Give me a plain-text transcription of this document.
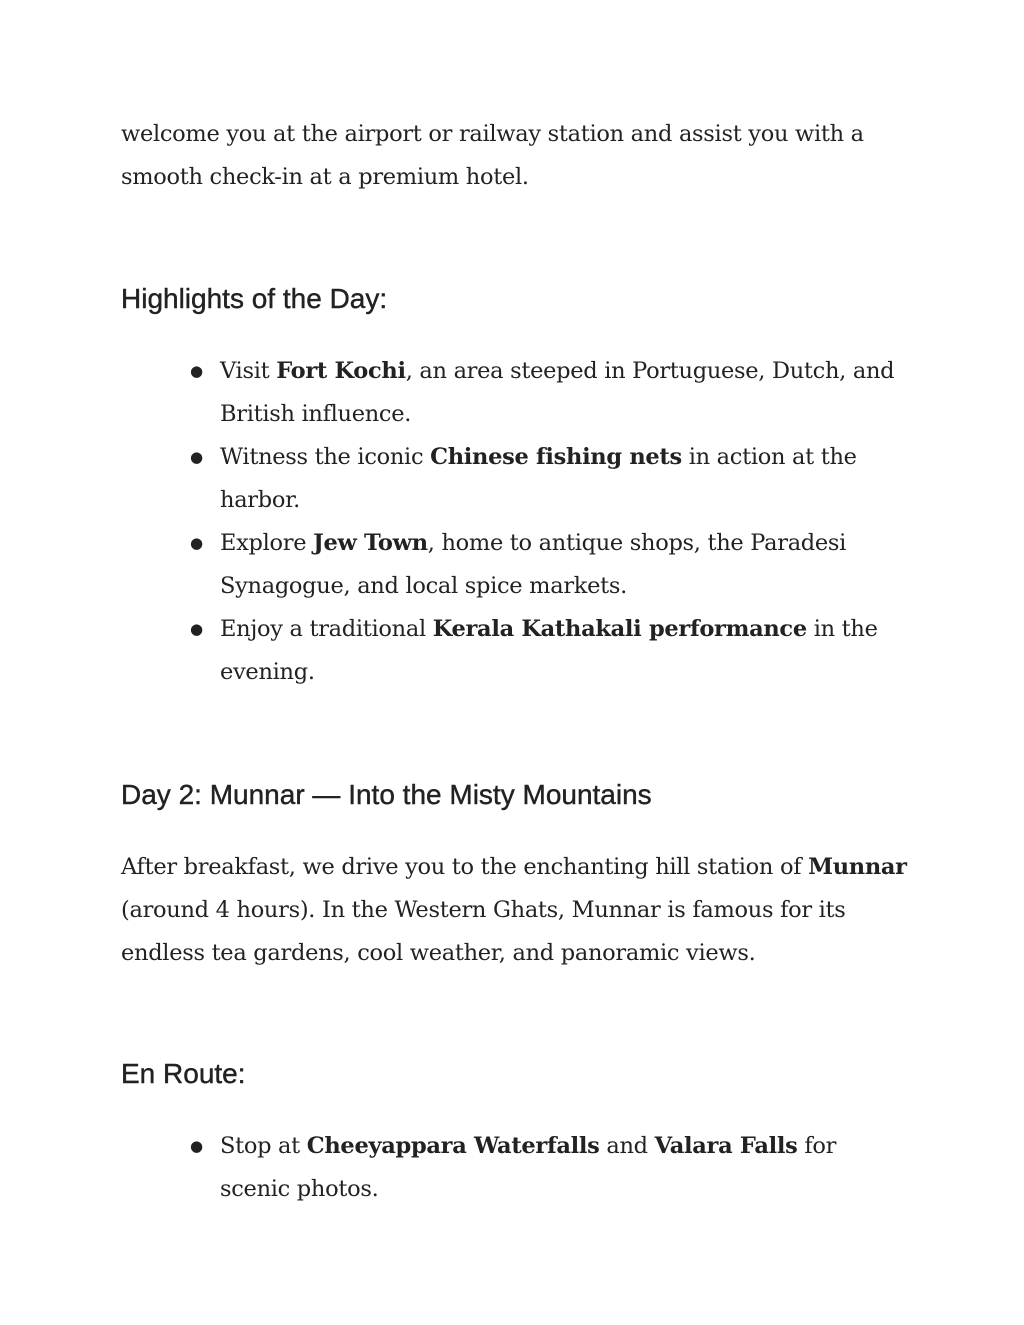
welcome you at the airport or railway station and assist you with a smooth check-in at a premium hotel.

Highlights of the Day:
● Visit Fort Kochi, an area steeped in Portuguese, Dutch, and British influence.
● Witness the iconic Chinese fishing nets in action at the harbor.
● Explore Jew Town, home to antique shops, the Paradesi Synagogue, and local spice markets.
● Enjoy a traditional Kerala Kathakali performance in the evening.
Day 2: Munnar — Into the Misty Mountains

After breakfast, we drive you to the enchanting hill station of Munnar (around 4 hours). In the Western Ghats, Munnar is famous for its endless tea gardens, cool weather, and panoramic views.

En Route:
● Stop at Cheeyappara Waterfalls and Valara Falls for scenic photos.
